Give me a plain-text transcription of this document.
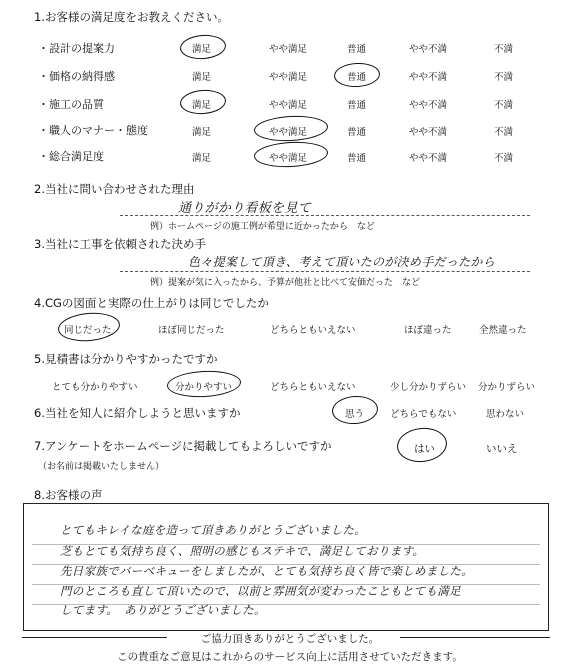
1.お客様の満足度をお教えください。
・設計の提案力	満足	やや満足	普通	やや不満	不満
・価格の納得感	満足	やや満足	普通	やや不満	不満
・施工の品質	満足	やや満足	普通	やや不満	不満
・職人のマナー・態度	満足	やや満足	普通	やや不満	不満
・総合満足度	満足	やや満足	普通	やや不満	不満
2.当社に問い合わせされた理由
通りがかり看板を見て
例）ホームページの施工例が希望に近かったから　など
3.当社に工事を依頼された決め手
色々提案して頂き、考えて頂いたのが決め手だったから
例）提案が気に入ったから、予算が他社と比べて安価だった　など
4.CGの図面と実際の仕上がりは同じでしたか
同じだった	ほぼ同じだった	どちらともいえない	ほぼ違った	全然違った
5.見積書は分かりやすかったですか
とても分かりやすい	分かりやすい	どちらともいえない	少し分かりずらい 分かりずらい
6.当社を知人に紹介しようと思いますか	思う	どちらでもない	思わない
7.アンケートをホームページに掲載してもよろしいですか
（お名前は掲載いたしません）
はい	いいえ
8.お客様の声
とてもキレイな庭を造って頂きありがとうございました。
芝もとても気持ち良く、照明の感じもステキで、満足しております。
先日家族でバーベキューをしましたが、とても気持ち良く皆で楽しめました。
門のところも直して頂いたので、以前と雰囲気が変わったこともとても満足
してます。　ありがとうございました。
ご協力頂きありがとうございました。
この貴重なご意見はこれからのサービス向上に活用させていただきます。
